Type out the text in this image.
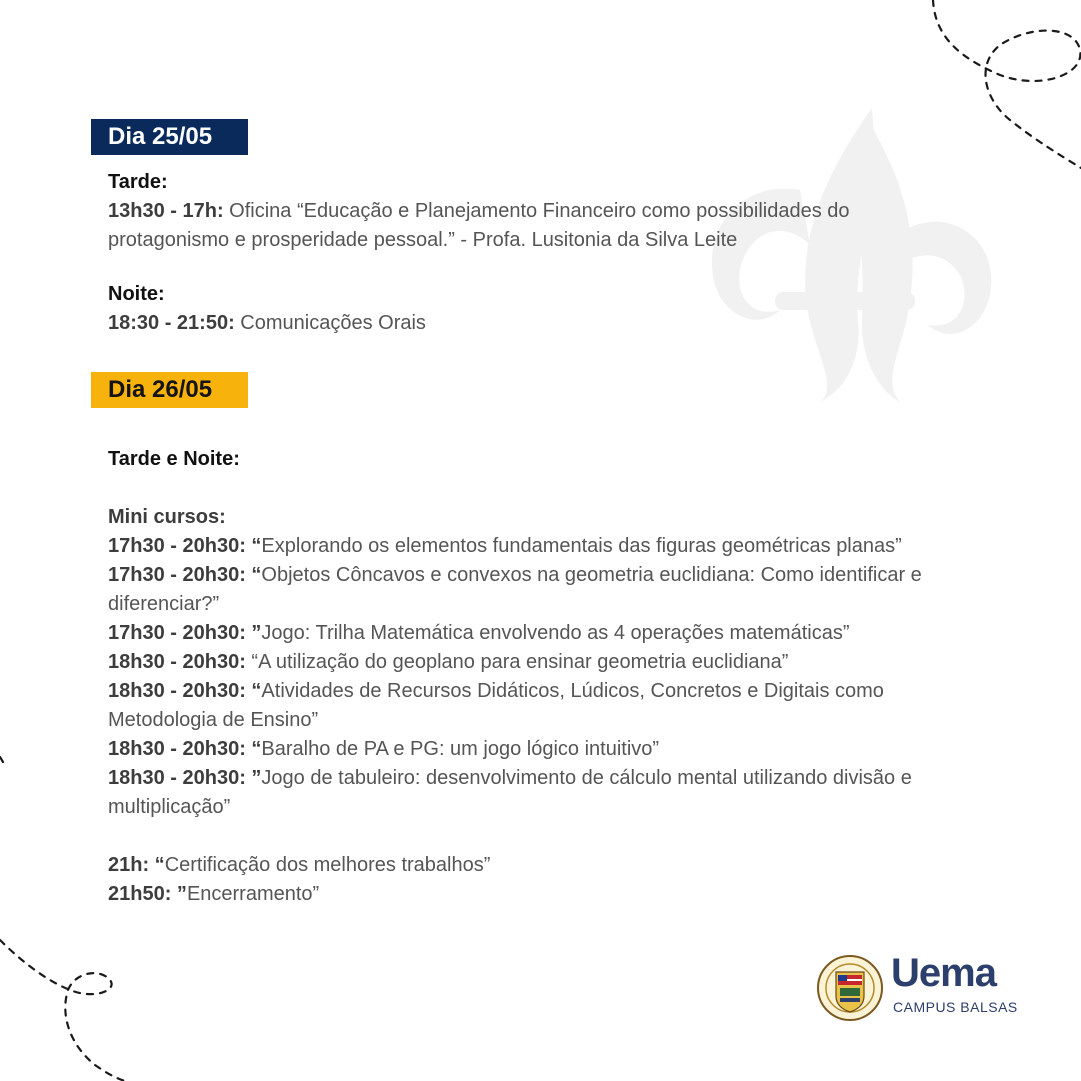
Dia 25/05
Tarde:
13h30 - 17h: Oficina “Educação e Planejamento Financeiro como possibilidades do protagonismo e prosperidade pessoal.” - Profa. Lusitonia da Silva Leite
Noite:
18:30 - 21:50: Comunicações Orais
Dia 26/05
Tarde e Noite:
Mini cursos:
17h30 - 20h30: “Explorando os elementos fundamentais das figuras geométricas planas”
17h30 - 20h30: “Objetos Côncavos e convexos na geometria euclidiana: Como identificar e diferenciar?”
17h30 - 20h30: ”Jogo: Trilha Matemática envolvendo as 4 operações matemáticas”
18h30 - 20h30: “A utilização do geoplano para ensinar geometria euclidiana”
18h30 - 20h30: “Atividades de Recursos Didáticos, Lúdicos, Concretos e Digitais como Metodologia de Ensino”
18h30 - 20h30: “Baralho de PA e PG: um jogo lógico intuitivo”
18h30 - 20h30: ”Jogo de tabuleiro: desenvolvimento de cálculo mental utilizando divisão e multiplicação”
21h: “Certificação dos melhores trabalhos”
21h50: ”Encerramento”
Uema
CAMPUS BALSAS
